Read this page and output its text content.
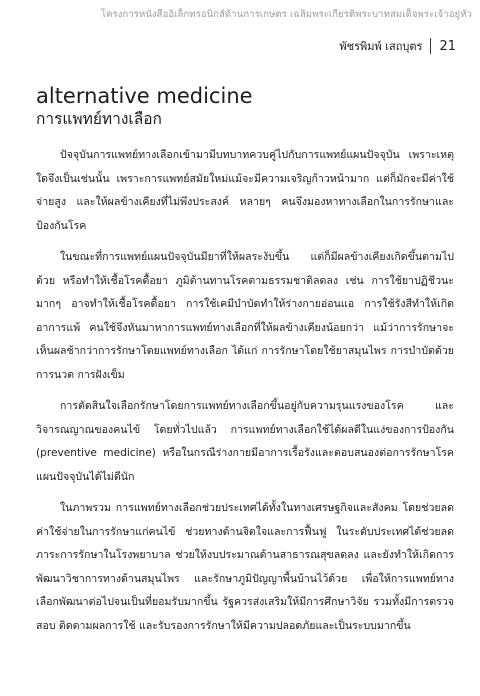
โครงการหนังสืออิเล็กทรอนิกส์ด้านการเกษตร เฉลิมพระเกียรติพระบาทสมเด็จพระเจ้าอยู่หัว
พัชรพิมพ์ เสถบุตร 21
alternative medicine
การแพทย์ทางเลือก

ปัจจุบันการแพทย์ทางเลือกเข้ามามีบทบาทควบคู่ไปกับการแพทย์แผนปัจจุบัน เพราะเหตุใดจึงเป็นเช่นนั้น เพราะการแพทย์สมัยใหม่แม้จะมีความเจริญก้าวหน้ามาก แต่ก็มักจะมีค่าใช้จ่ายสูง และให้ผลข้างเคียงที่ไม่พึงประสงค์ หลายๆ คนจึงมองหาทางเลือกในการรักษาและป้องกันโรค

ในขณะที่การแพทย์แผนปัจจุบันมียาที่ให้ผลระงับขึ้น แต่ก็มีผลข้างเคียงเกิดขึ้นตามไปด้วย หรือทำให้เชื้อโรคดื้อยา ภูมิต้านทานโรคตามธรรมชาติลดลง เช่น การใช้ยาปฏิชีวนะมากๆ อาจทำให้เชื้อโรคดื้อยา การใช้เคมีบำบัดทำให้ร่างกายอ่อนแอ การใช้รังสีทำให้เกิดอาการแพ้ คนใช้จึงหันมาหาการแพทย์ทางเลือกที่ให้ผลข้างเคียงน้อยกว่า แม้ว่าการรักษาจะเห็นผลช้ากว่าการรักษาโดยแพทย์ทางเลือก ได้แก่ การรักษาโดยใช้ยาสมุนไพร การบำบัดด้วยการนวด การฝังเข็ม

การตัดสินใจเลือกรักษาโดยการแพทย์ทางเลือกขึ้นอยู่กับความรุนแรงของโรค และวิจารณญาณของคนไข้ โดยทั่วไปแล้ว การแพทย์ทางเลือกใช้ได้ผลดีในแง่ของการป้องกัน (preventive medicine) หรือในกรณีร่างกายมีอาการเรื้อรังและตอบสนองต่อการรักษาโรคแผนปัจจุบันได้ไม่ดีนัก

ในภาพรวม การแพทย์ทางเลือกช่วยประเทศได้ทั้งในทางเศรษฐกิจและสังคม โดยช่วยลดค่าใช้จ่ายในการรักษาแก่คนไข้ ช่วยทางด้านจิตใจและการฟื้นฟู ในระดับประเทศได้ช่วยลดภาระการรักษาในโรงพยาบาล ช่วยให้งบประมาณด้านสาธารณสุขลดลง และยังทำให้เกิดการพัฒนาวิชาการทางด้านสมุนไพร และรักษาภูมิปัญญาพื้นบ้านไว้ด้วย เพื่อให้การแพทย์ทางเลือกพัฒนาต่อไปจนเป็นที่ยอมรับมากขึ้น รัฐควรส่งเสริมให้มีการศึกษาวิจัย รวมทั้งมีการตรวจสอบ ติดตามผลการใช้ และรับรองการรักษาให้มีความปลอดภัยและเป็นระบบมากขึ้น
